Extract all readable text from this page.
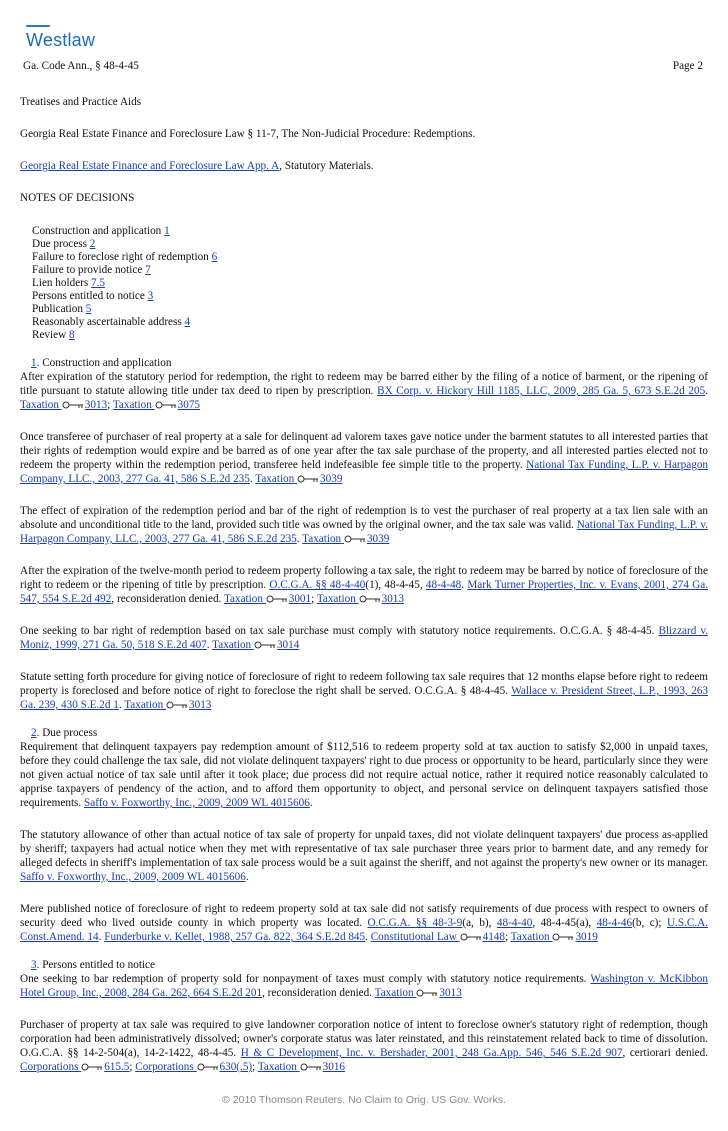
Westlaw
Ga. Code Ann., § 48-4-45	Page 2

Treatises and Practice Aids

Georgia Real Estate Finance and Foreclosure Law § 11-7, The Non-Judicial Procedure: Redemptions.

Georgia Real Estate Finance and Foreclosure Law App. A, Statutory Materials.

NOTES OF DECISIONS

Construction and application 1
Due process 2
Failure to foreclose right of redemption 6
Failure to provide notice 7
Lien holders 7.5
Persons entitled to notice 3
Publication 5
Reasonably ascertainable address 4
Review 8

1. Construction and application

After expiration of the statutory period for redemption, the right to redeem may be barred either by the filing of a notice of barment, or the ripening of title pursuant to statute allowing title under tax deed to ripen by prescription. BX Corp. v. Hickory Hill 1185, LLC, 2009, 285 Ga. 5, 673 S.E.2d 205. Taxation
3013; Taxation
3075

Once transferee of purchaser of real property at a sale for delinquent ad valorem taxes gave notice under the barment statutes to all interested parties that their rights of redemption would expire and be barred as of one year after the tax sale purchase of the property, and all interested parties elected not to redeem the property within the redemption period, transferee held indefeasible fee simple title to the property. National Tax Funding, L.P. v. Harpagon Company, LLC., 2003, 277 Ga. 41, 586 S.E.2d 235. Taxation
3039

The effect of expiration of the redemption period and bar of the right of redemption is to vest the purchaser of real property at a tax lien sale with an absolute and unconditional title to the land, provided such title was owned by the original owner, and the tax sale was valid. National Tax Funding, L.P. v. Harpagon Company, LLC., 2003, 277 Ga. 41, 586 S.E.2d 235. Taxation
3039

After the expiration of the twelve-month period to redeem property following a tax sale, the right to redeem may be barred by notice of foreclosure of the right to redeem or the ripening of title by prescription. O.C.G.A. §§ 48-4-40(1), 48-4-45, 48-4-48. Mark Turner Properties, Inc. v. Evans, 2001, 274 Ga. 547, 554 S.E.2d 492, reconsideration denied. Taxation
3001; Taxation
3013

One seeking to bar right of redemption based on tax sale purchase must comply with statutory notice requirements. O.C.G.A. § 48-4-45. Blizzard v. Moniz, 1999, 271 Ga. 50, 518 S.E.2d 407. Taxation
3014

Statute setting forth procedure for giving notice of foreclosure of right to redeem following tax sale requires that 12 months elapse before right to redeem property is foreclosed and before notice of right to foreclose the right shall be served. O.C.G.A. § 48-4-45. Wallace v. President Street, L.P., 1993, 263 Ga. 239, 430 S.E.2d 1. Taxation
3013

2. Due process

Requirement that delinquent taxpayers pay redemption amount of $112,516 to redeem property sold at tax auction to satisfy $2,000 in unpaid taxes, before they could challenge the tax sale, did not violate delinquent taxpayers' right to due process or opportunity to be heard, particularly since they were not given actual notice of tax sale until after it took place; due process did not require actual notice, rather it required notice reasonably calculated to apprise taxpayers of pendency of the action, and to afford them opportunity to object, and personal service on delinquent taxpayers satisfied those requirements. Saffo v. Foxworthy, Inc., 2009, 2009 WL 4015606.

The statutory allowance of other than actual notice of tax sale of property for unpaid taxes, did not violate delinquent taxpayers' due process as-applied by sheriff; taxpayers had actual notice when they met with representative of tax sale purchaser three years prior to barment date, and any remedy for alleged defects in sheriff's implementation of tax sale process would be a suit against the sheriff, and not against the property's new owner or its manager. Saffo v. Foxworthy, Inc., 2009, 2009 WL 4015606.

Mere published notice of foreclosure of right to redeem property sold at tax sale did not satisfy requirements of due process with respect to owners of security deed who lived outside county in which property was located. O.C.G.A. §§ 48-3-9(a, b), 48-4-40, 48-4-45(a), 48-4-46(b, c); U.S.C.A. Const.Amend. 14. Funderburke v. Kellet, 1988, 257 Ga. 822, 364 S.E.2d 845. Constitutional Law
4148; Taxation
3019

3. Persons entitled to notice

One seeking to bar redemption of property sold for nonpayment of taxes must comply with statutory notice requirements. Washington v. McKibbon Hotel Group, Inc., 2008, 284 Ga. 262, 664 S.E.2d 201, reconsideration denied. Taxation
3013

Purchaser of property at tax sale was required to give landowner corporation notice of intent to foreclose owner's statutory right of redemption, though corporation had been administratively dissolved; owner's corporate status was later reinstated, and this reinstatement related back to time of dissolution. O.G.C.A. §§ 14-2-504(a), 14-2-1422, 48-4-45. H & C Development, Inc. v. Bershader, 2001, 248 Ga.App. 546, 546 S.E.2d 907, certiorari denied. Corporations
615.5; Corporations
630(.5); Taxation
3016

© 2010 Thomson Reuters. No Claim to Orig. US Gov. Works.
